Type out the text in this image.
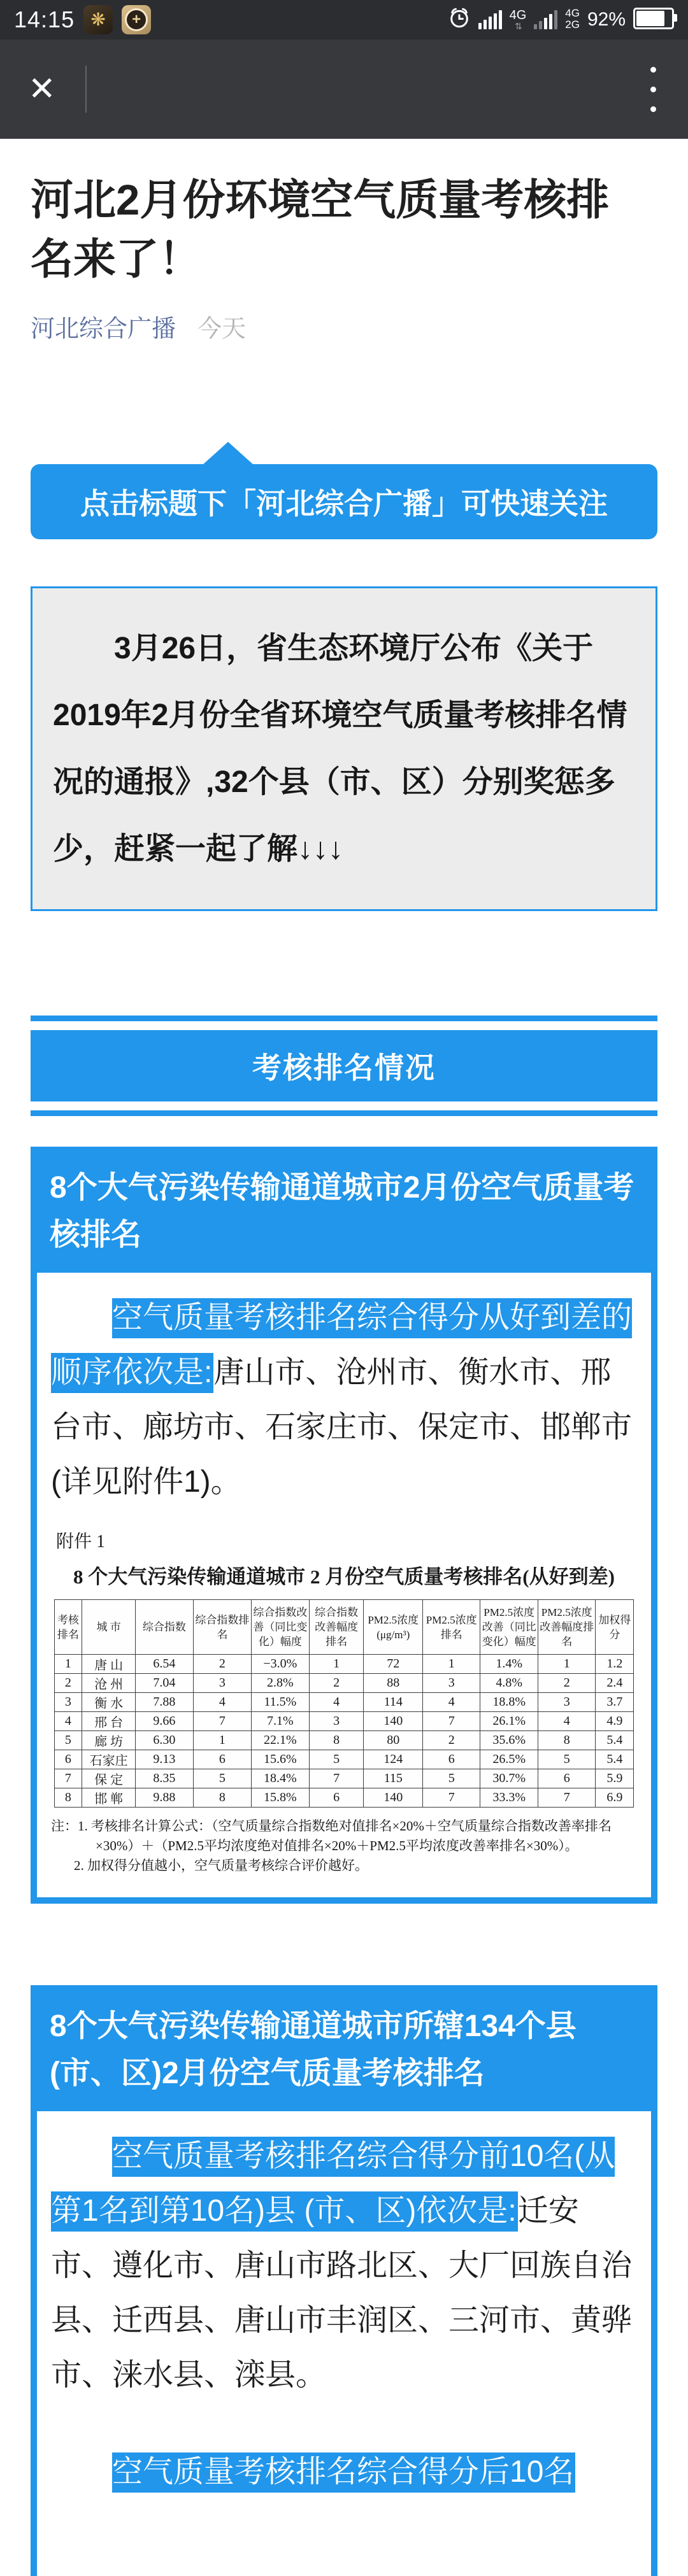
14:15 ❋	+	4G
⇅
4G
2G 92%
✕
河北2月份环境空气质量考核排名来了！
河北综合广播 今天
点击标题下「河北综合广播」可快速关注

3月26日，省生态环境厅公布《关于2019年2月份全省环境空气质量考核排名情况的通报》,32个县（市、区）分别奖惩多少，赶紧一起了解↓↓↓

考核排名情况
8个大气污染传输通道城市2月份空气质量考核排名

空气质量考核排名综合得分从好到差的顺序依次是:唐山市、沧州市、衡水市、邢台市、廊坊市、石家庄市、保定市、邯郸市 (详见附件1)。

附件 1

8 个大气污染传输通道城市 2 月份空气质量考核排名(从好到差)

考核排名	城 市	综合指数	综合指数排名	综合指数改善（同比变化）幅度	综合指数改善幅度排名	PM2.5浓度(μg/m³)	PM2.5浓度排名	PM2.5浓度改善（同比变化）幅度	PM2.5浓度改善幅度排名	加权得分
1	唐 山	6.54	2	−3.0%	1	72	1	1.4%	1	1.2
2	沧 州	7.04	3	2.8%	2	88	3	4.8%	2	2.4
3	衡 水	7.88	4	11.5%	4	114	4	18.8%	3	3.7
4	邢 台	9.66	7	7.1%	3	140	7	26.1%	4	4.9
5	廊 坊	6.30	1	22.1%	8	80	2	35.6%	8	5.4
6	石家庄	9.13	6	15.6%	5	124	6	26.5%	5	5.4
7	保 定	8.35	5	18.4%	7	115	5	30.7%	6	5.9
8	邯 郸	9.88	8	15.8%	6	140	7	33.3%	7	6.9

注：1. 考核排名计算公式：（空气质量综合指数绝对值排名×20%＋空气质量综合指数改善率排名×30%）＋（PM2.5平均浓度绝对值排名×20%＋PM2.5平均浓度改善率排名×30%）。

2. 加权得分值越小，空气质量考核综合评价越好。

8个大气污染传输通道城市所辖134个县(市、区)2月份空气质量考核排名

空气质量考核排名综合得分前10名(从第1名到第10名)县 (市、区)依次是:迁安市、遵化市、唐山市路北区、大厂回族自治县、迁西县、唐山市丰润区、三河市、黄骅市、涞水县、滦县。

空气质量考核排名综合得分后10名
